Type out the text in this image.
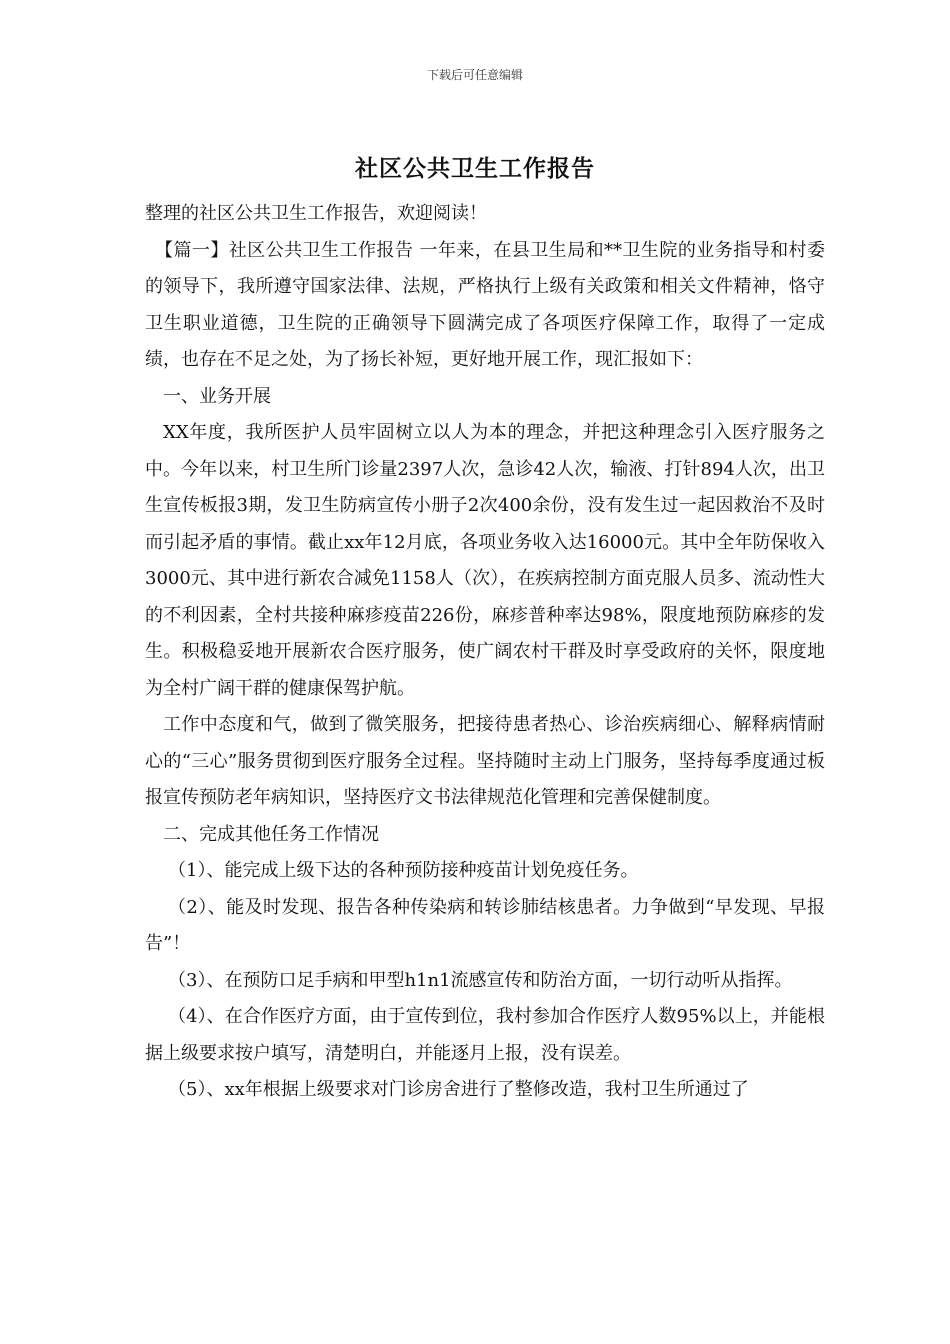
下载后可任意编辑
社区公共卫生工作报告

整理的社区公共卫生工作报告，欢迎阅读！

【篇一】社区公共卫生工作报告 一年来，在县卫生局和**卫生院的业务指导和村委的领导下，我所遵守国家法律、法规，严格执行上级有关政策和相关文件精神，恪守卫生职业道德，卫生院的正确领导下圆满完成了各项医疗保障工作，取得了一定成绩，也存在不足之处，为了扬长补短，更好地开展工作，现汇报如下：

一、业务开展

XX年度，我所医护人员牢固树立以人为本的理念，并把这种理念引入医疗服务之中。今年以来，村卫生所门诊量2397人次，急诊42人次，输液、打针894人次，出卫生宣传板报3期，发卫生防病宣传小册子2次400余份，没有发生过一起因救治不及时而引起矛盾的事情。截止xx年12月底，各项业务收入达16000元。其中全年防保收入3000元、其中进行新农合减免1158人（次），在疾病控制方面克服人员多、流动性大的不利因素，全村共接种麻疹疫苗226份，麻疹普种率达98%，限度地预防麻疹的发生。积极稳妥地开展新农合医疗服务，使广阔农村干群及时享受政府的关怀，限度地为全村广阔干群的健康保驾护航。

工作中态度和气，做到了微笑服务，把接待患者热心、诊治疾病细心、解释病情耐心的“三心”服务贯彻到医疗服务全过程。坚持随时主动上门服务，坚持每季度通过板报宣传预防老年病知识，坚持医疗文书法律规范化管理和完善保健制度。

二、完成其他任务工作情况

（1）、能完成上级下达的各种预防接种疫苗计划免疫任务。

（2）、能及时发现、报告各种传染病和转诊肺结核患者。力争做到“早发现、早报告”！

（3）、在预防口足手病和甲型h1n1流感宣传和防治方面，一切行动听从指挥。

（4）、在合作医疗方面，由于宣传到位，我村参加合作医疗人数95%以上，并能根据上级要求按户填写，清楚明白，并能逐月上报，没有误差。

（5）、xx年根据上级要求对门诊房舍进行了整修改造，我村卫生所通过了
